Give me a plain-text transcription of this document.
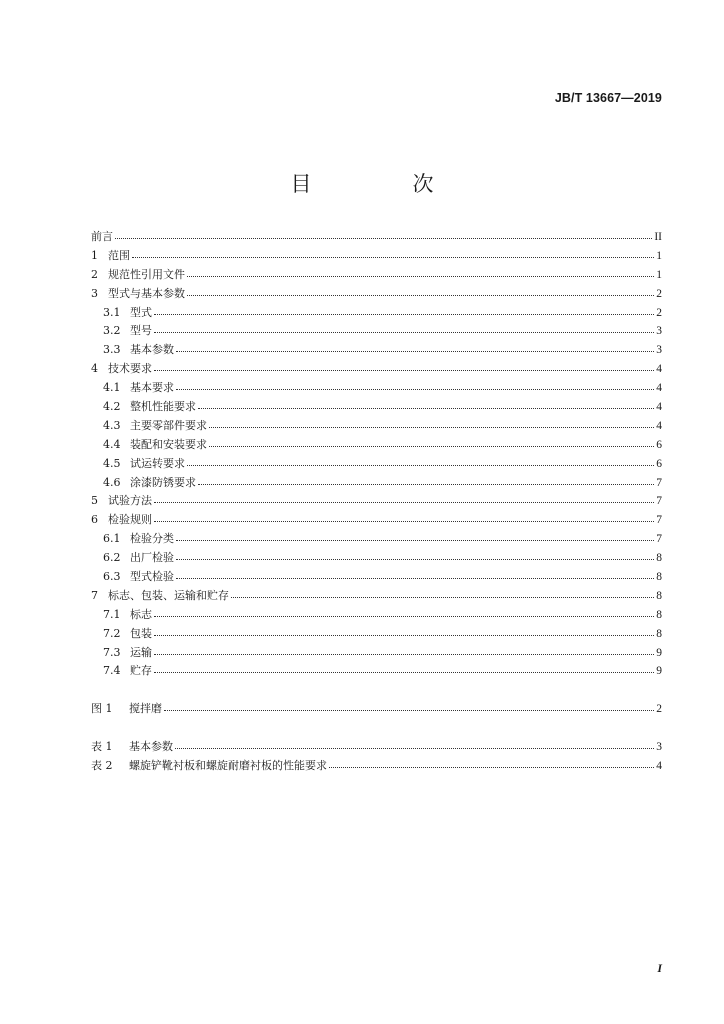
JB/T 13667—2019
目　次
前言	II
1 范围	1
2 规范性引用文件	1
3 型式与基本参数	2
3.1 型式	2
3.2 型号	3
3.3 基本参数	3
4 技术要求	4
4.1 基本要求	4
4.2 整机性能要求	4
4.3 主要零部件要求	4
4.4 装配和安装要求	6
4.5 试运转要求	6
4.6 涂漆防锈要求	7
5 试验方法	7
6 检验规则	7
6.1 检验分类	7
6.2 出厂检验	8
6.3 型式检验	8
7 标志、包装、运输和贮存	8
7.1 标志	8
7.2 包装	8
7.3 运输	9
7.4 贮存	9
图 1	搅拌磨	2
表 1	基本参数	3
表 2	螺旋铲靴衬板和螺旋耐磨衬板的性能要求	4
I
